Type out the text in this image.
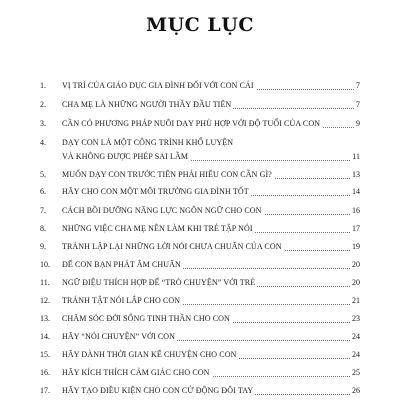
MỤC LỤC
1.	VỊ TRÍ CỦA GIÁO DỤC GIA ĐÌNH ĐỐI VỚI CON CÁI	7
2.	CHA MẸ LÀ NHỮNG NGƯỜI THẦY ĐẦU TIÊN	7
3.	CẦN CÓ PHƯƠNG PHÁP NUÔI DẠY PHÙ HỢP VỚI ĐỘ TUỔI CỦA CON	9
4.	DẠY CON LÀ MỘT CÔNG TRÌNH KHỔ LUYỆN
VÀ KHÔNG ĐƯỢC PHÉP SAI LẦM	11
5.	MUỐN DẠY CON TRƯỚC TIÊN PHẢI HIỂU CON CẦN GÌ?	13
6.	HÃY CHO CON MỘT MÔI TRƯỜNG GIA ĐÌNH TỐT	14
7.	CÁCH BỒI DƯỠNG NĂNG LỰC NGÔN NGỮ CHO CON	16
8.	NHỮNG VIỆC CHA MẸ NÊN LÀM KHI TRẺ TẬP NÓI	17
9.	TRÁNH LẶP LẠI NHỮNG LỜI NÓI CHƯA CHUẨN CỦA CON	19
10.	ĐỂ CON BẠN PHÁT ÂM CHUẨN	20
11.	NGỮ ĐIỆU THÍCH HỢP ĐỂ “TRÒ CHUYỆN” VỚI TRẺ	20
12.	TRÁNH TẬT NÓI LẮP CHO CON	21
13.	CHĂM SÓC ĐỜI SỐNG TINH THẦN CHO CON	23
14.	HÃY “NÓI CHUYỆN” VỚI CON	24
15.	HÃY DÀNH THỜI GIAN KỂ CHUYỆN CHO CON	24
16.	HÃY KÍCH THÍCH CẢM GIÁC CHO CON	25
17.	HÃY TẠO ĐIỀU KIỆN CHO CON CỬ ĐỘNG ĐÔI TAY	26
